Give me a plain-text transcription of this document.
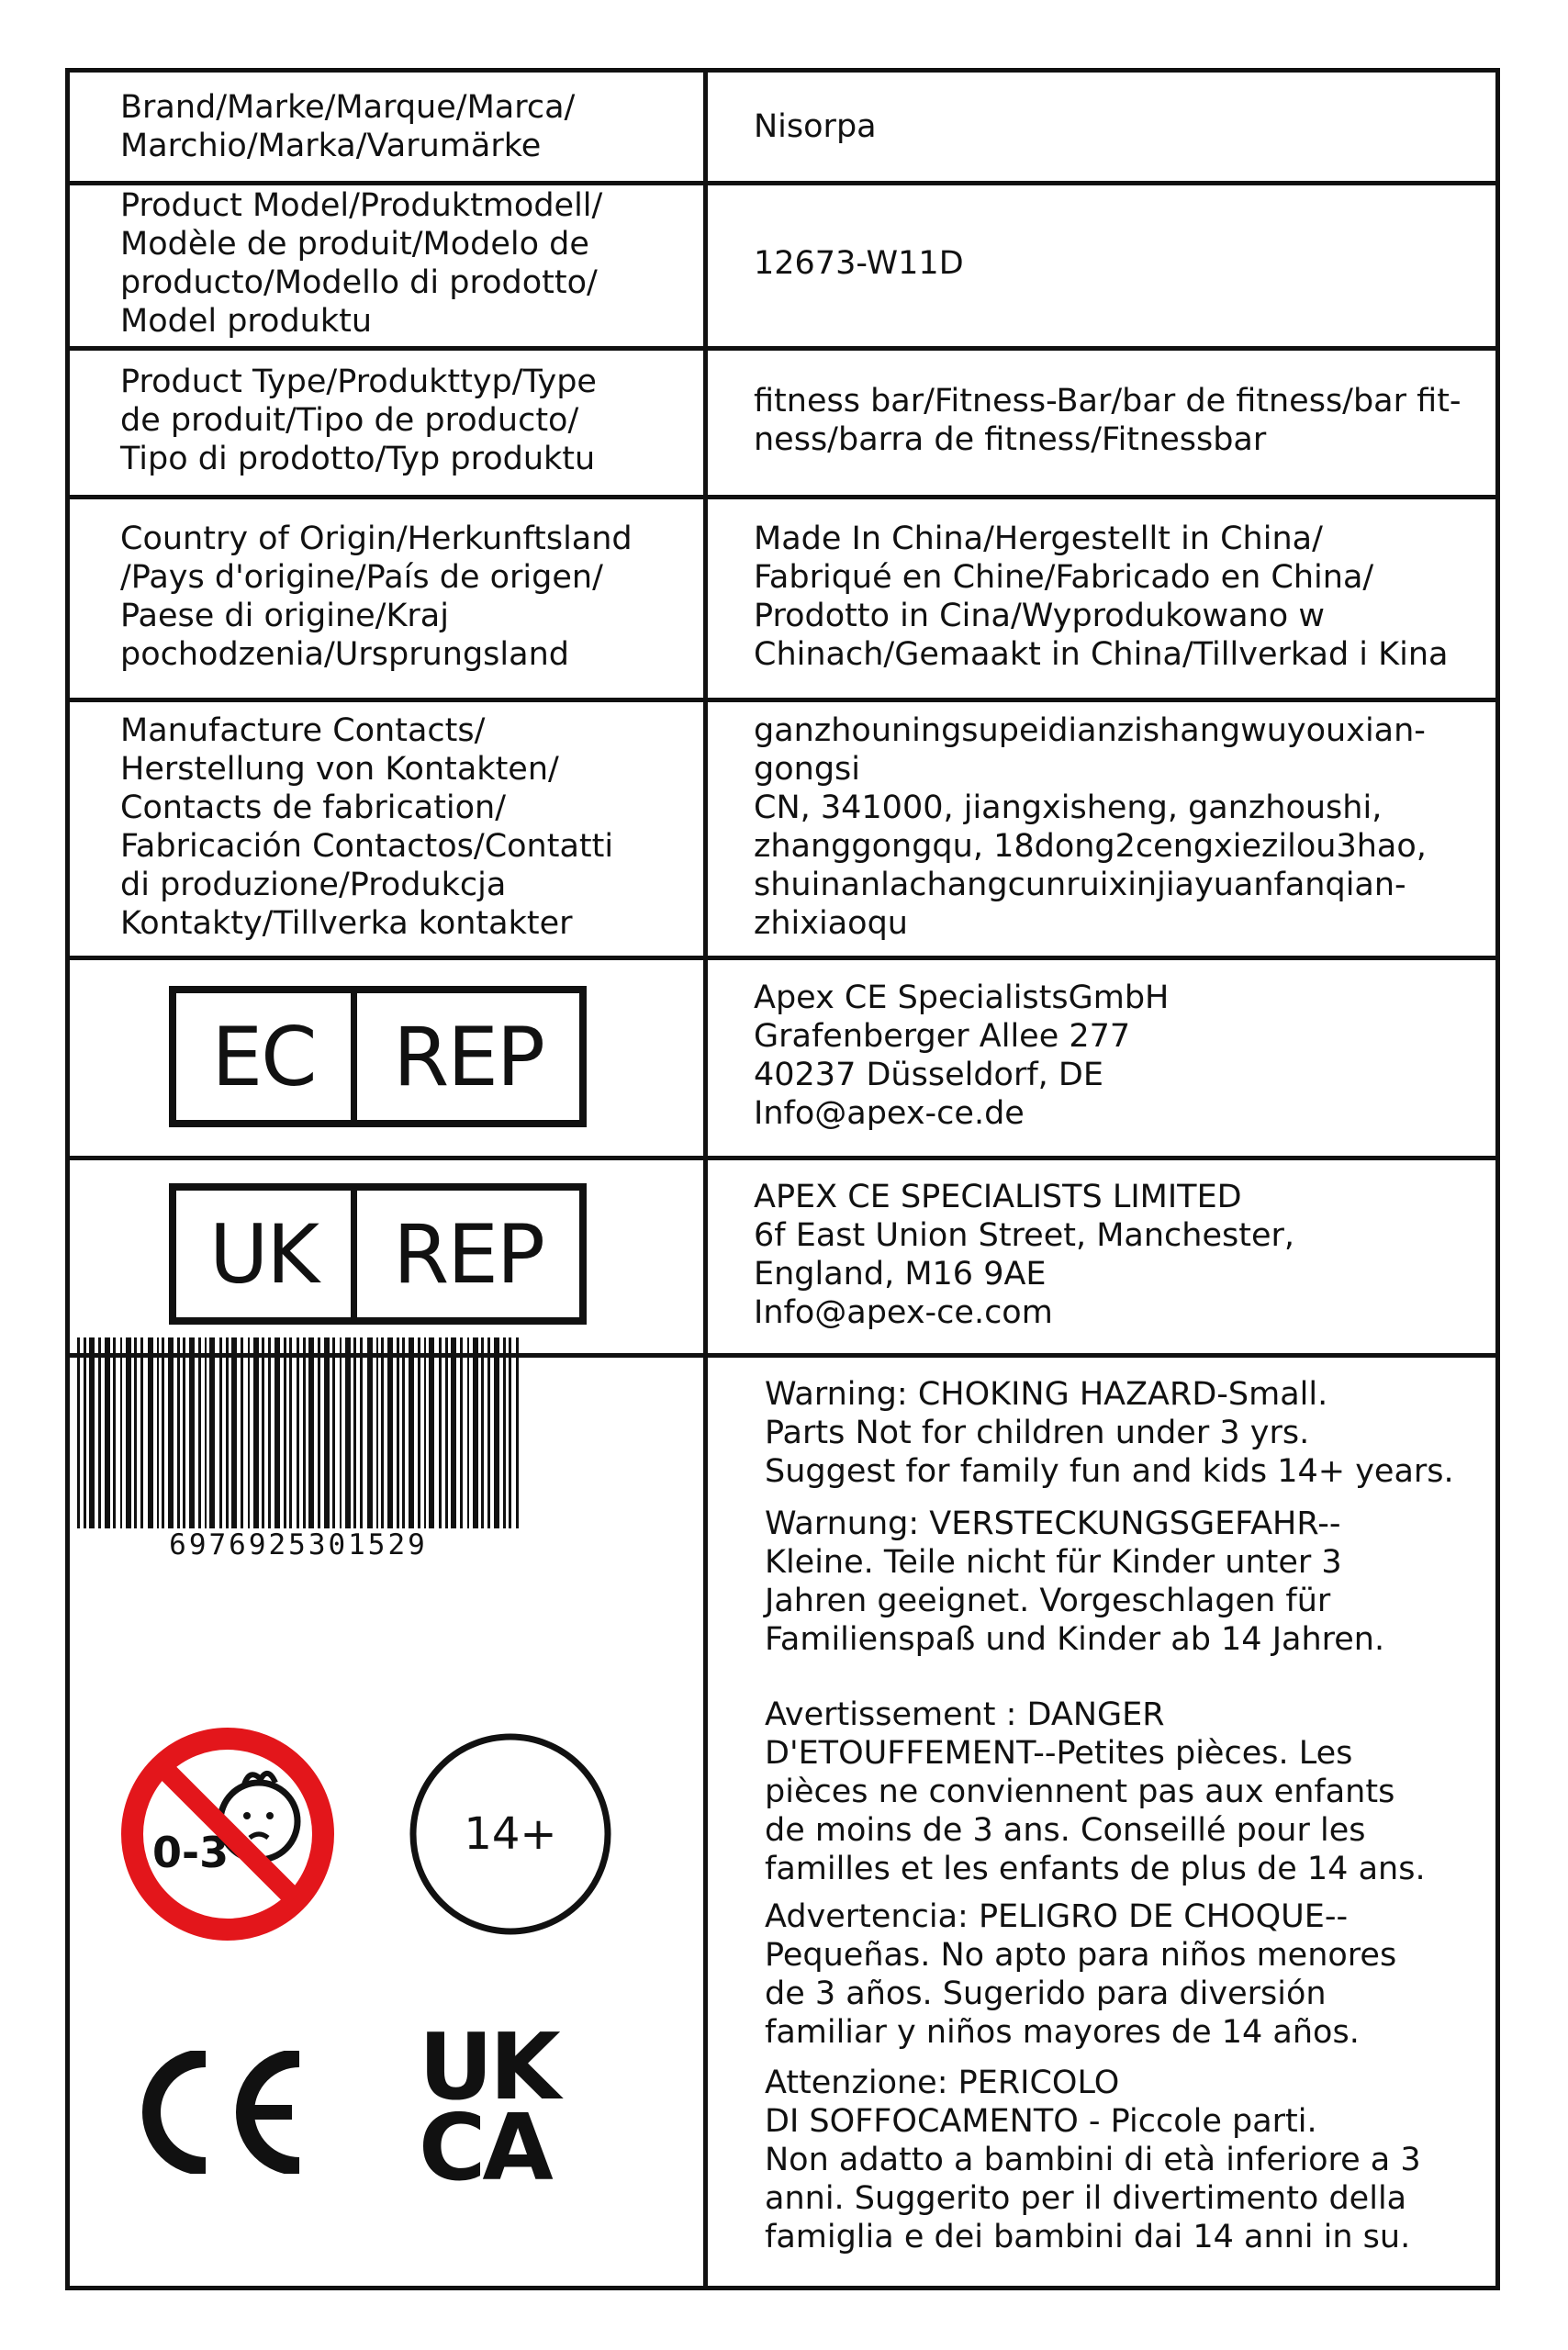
Brand/Marke/Marque/Marca/
Marchio/Marka/Varumärke
Nisorpa
Product Model/Produktmodell/
Modèle de produit/Modelo de
producto/Modello di prodotto/
Model produktu
12673-W11D
Product Type/Produkttyp/Type
de produit/Tipo de producto/
Tipo di prodotto/Typ produktu
fitness bar/Fitness-Bar/bar de fitness/bar fit-
ness/barra de fitness/Fitnessbar
Country of Origin/Herkunftsland
/Pays d'origine/País de origen/
Paese di origine/Kraj
pochodzenia/Ursprungsland
Made In China/Hergestellt in China/
Fabriqué en Chine/Fabricado en China/
Prodotto in Cina/Wyprodukowano w
Chinach/Gemaakt in China/Tillverkad i Kina
Manufacture Contacts/
Herstellung von Kontakten/
Contacts de fabrication/
Fabricación Contactos/Contatti
di produzione/Produkcja
Kontakty/Tillverka kontakter
ganzhouningsupeidianzishangwuyouxian-
gongsi
CN, 341000, jiangxisheng, ganzhoushi,
zhanggongqu, 18dong2cengxiezilou3hao,
shuinanlachangcunruixinjiayuanfanqian-
zhixiaoqu
EC REP
Apex CE SpecialistsGmbH
Grafenberger Allee 277
40237 Düsseldorf, DE
Info@apex-ce.de
UK REP
APEX CE SPECIALISTS LIMITED
6f East Union Street, Manchester,
England, M16 9AE
Info@apex-ce.com
Warning: CHOKING HAZARD-Small.
Parts Not for children under 3 yrs.
Suggest for family fun and kids 14+ years.
Warnung: VERSTECKUNGSGEFAHR--
Kleine. Teile nicht für Kinder unter 3
Jahren geeignet. Vorgeschlagen für
Familienspaß und Kinder ab 14 Jahren.
Avertissement : DANGER
D'ETOUFFEMENT--Petites pièces. Les
pièces ne conviennent pas aux enfants
de moins de 3 ans. Conseillé pour les
familles et les enfants de plus de 14 ans.
Advertencia: PELIGRO DE CHOQUE--
Pequeñas. No apto para niños menores
de 3 años. Sugerido para diversión
familiar y niños mayores de 14 años.
Attenzione: PERICOLO
DI SOFFOCAMENTO - Piccole parti.
Non adatto a bambini di età inferiore a 3
anni. Suggerito per il divertimento della
famiglia e dei bambini dai 14 anni in su.
6976925301529
0-3	14+
UK
CA
